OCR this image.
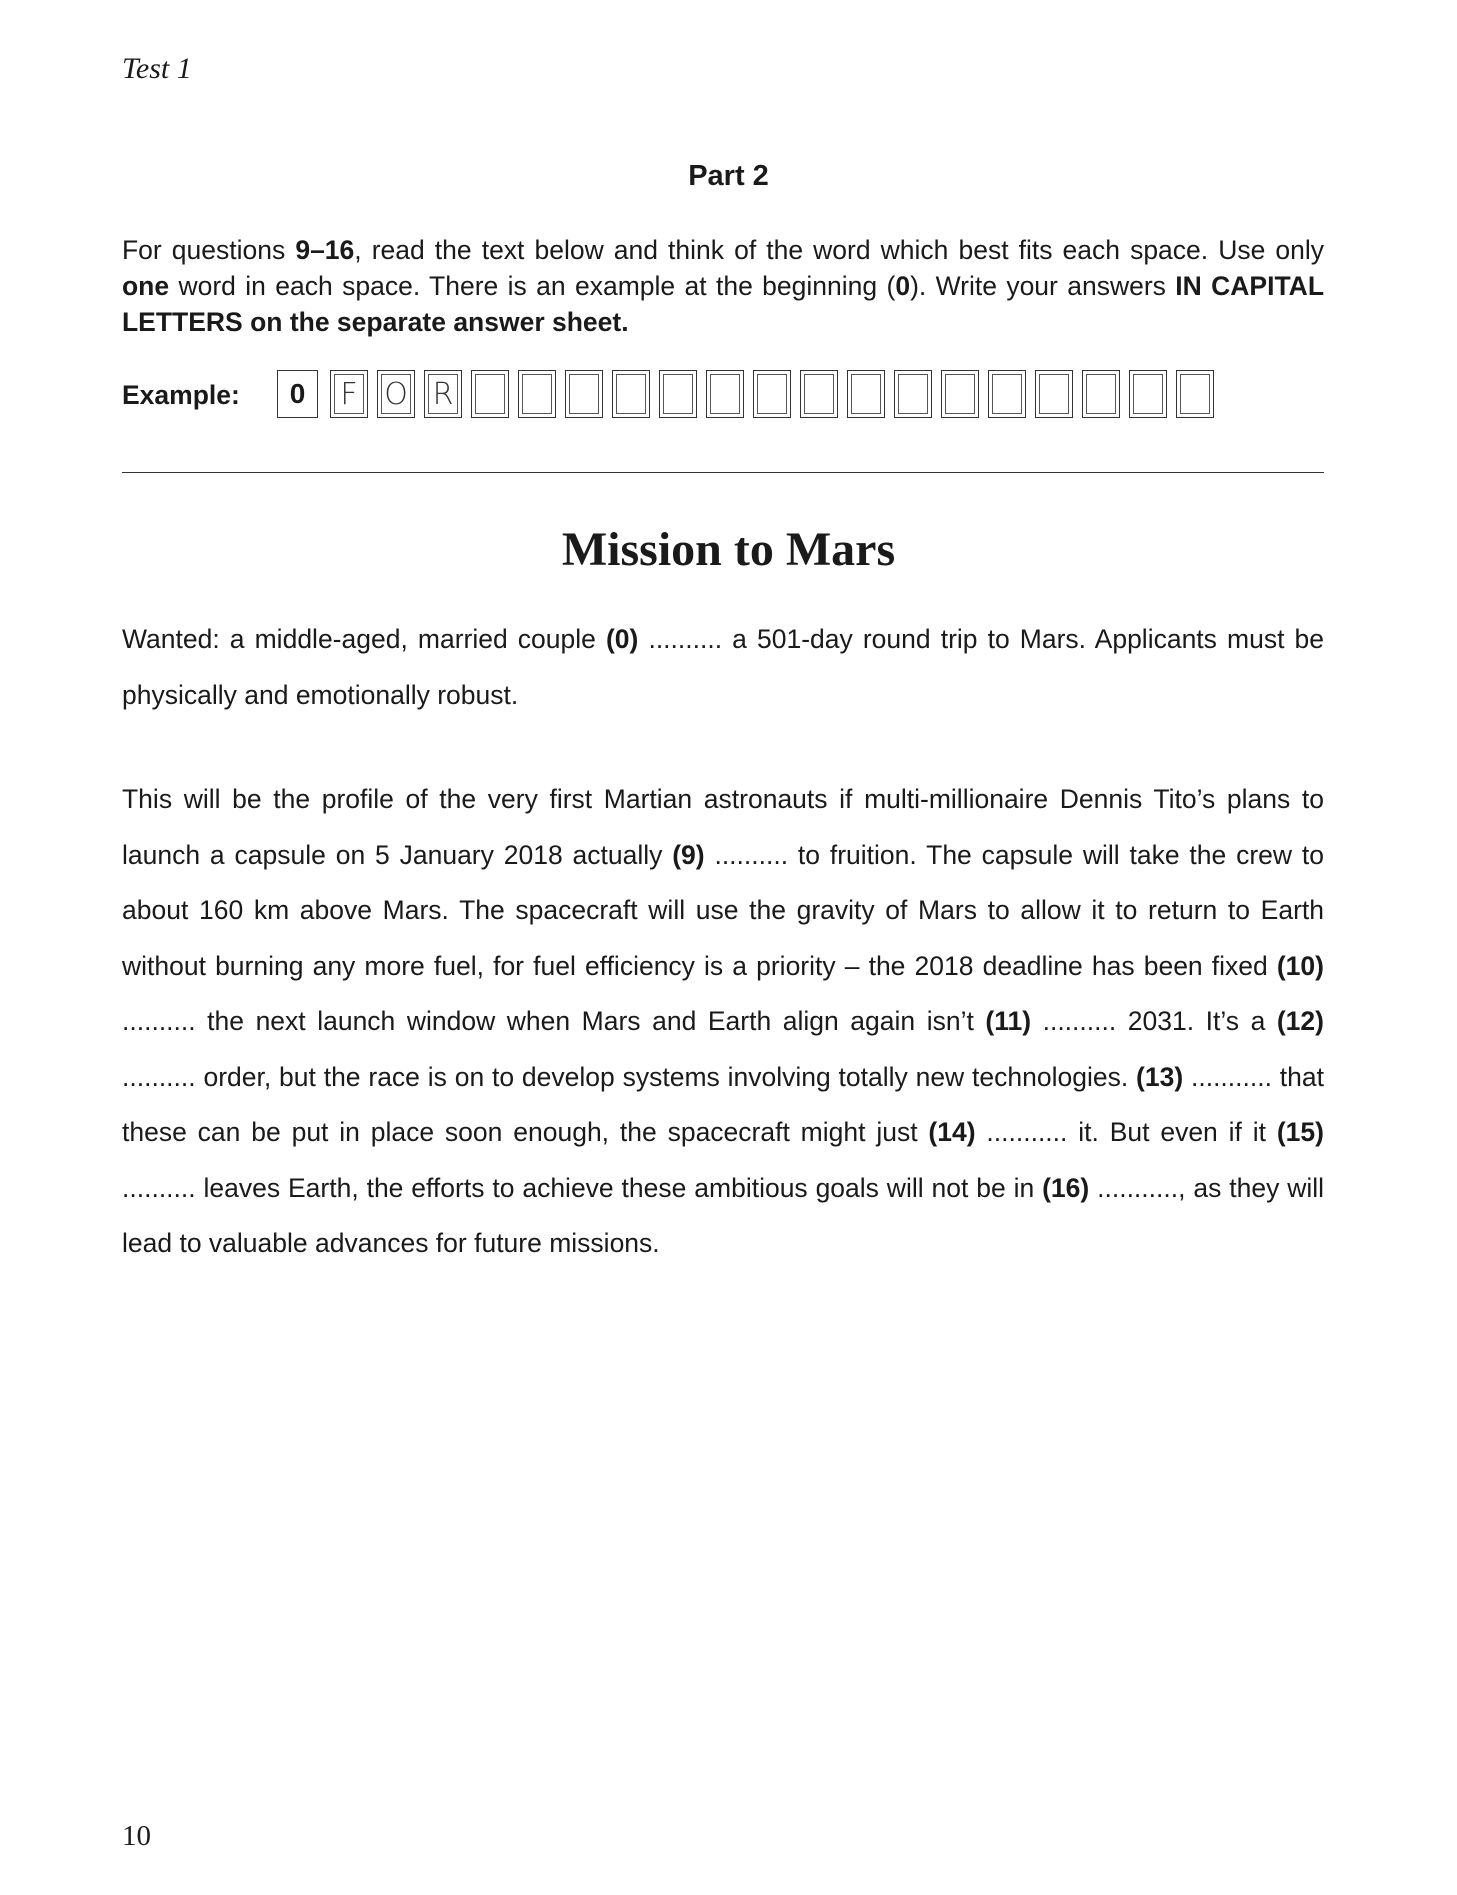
Test 1
Part 2
For questions 9–16, read the text below and think of the word which best fits each space. Use only one word in each space. There is an example at the beginning (0). Write your answers IN CAPITAL LETTERS on the separate answer sheet.
Example: 0 F O R
Mission to Mars
Wanted: a middle-aged, married couple (0) .......... a 501-day round trip to Mars. Applicants must be physically and emotionally robust.
This will be the profile of the very first Martian astronauts if multi-millionaire Dennis Tito’s plans to launch a capsule on 5 January 2018 actually (9) .......... to fruition. The capsule will take the crew to about 160 km above Mars. The spacecraft will use the gravity of Mars to allow it to return to Earth without burning any more fuel, for fuel efficiency is a priority – the 2018 deadline has been fixed (10) .......... the next launch window when Mars and Earth align again isn’t (11) .......... 2031. It’s a (12) .......... order, but the race is on to develop systems involving totally new technologies. (13) ........... that these can be put in place soon enough, the spacecraft might just (14) ........... it. But even if it (15) .......... leaves Earth, the efforts to achieve these ambitious goals will not be in (16) ..........., as they will lead to valuable advances for future missions.
10
